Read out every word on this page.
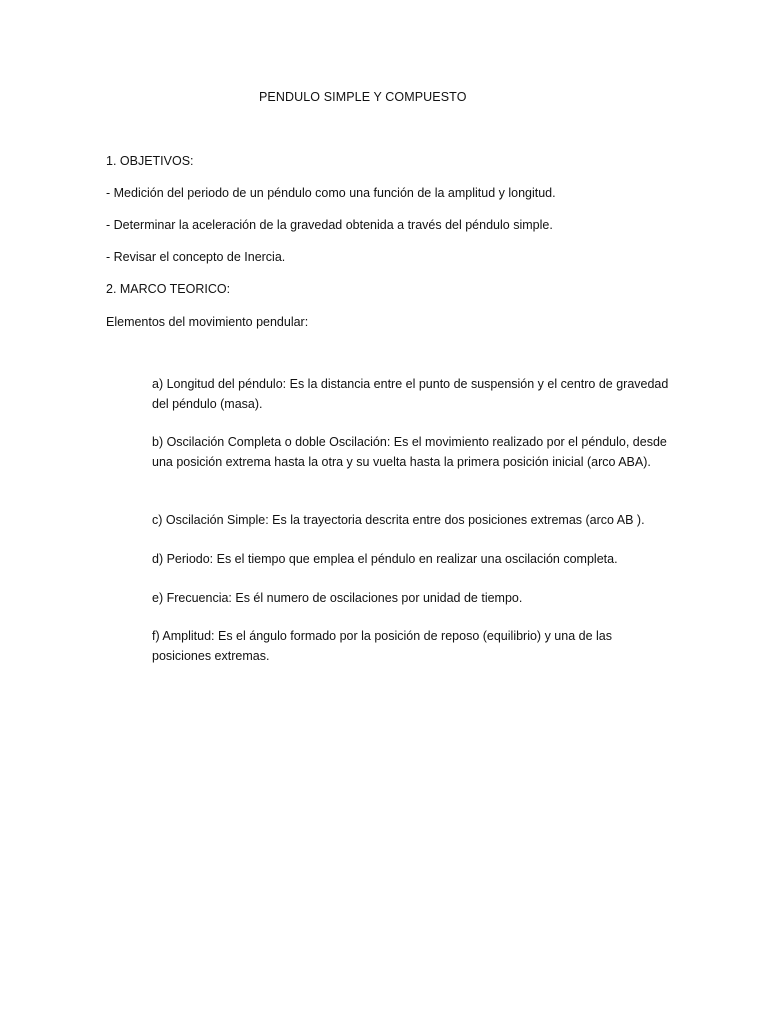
PENDULO SIMPLE Y COMPUESTO
1. OBJETIVOS:
- Medición del periodo de un péndulo como una función de la amplitud y longitud.
- Determinar la aceleración de la gravedad obtenida a través del péndulo simple.
- Revisar el concepto de Inercia.
2. MARCO TEORICO:
Elementos del movimiento pendular:
a) Longitud del péndulo: Es la distancia entre el punto de suspensión y el centro de gravedad del péndulo (masa).
b) Oscilación Completa o doble Oscilación: Es el movimiento realizado por el péndulo, desde una posición extrema hasta la otra y su vuelta hasta la primera posición inicial (arco ABA).
c) Oscilación Simple: Es la trayectoria descrita entre dos posiciones extremas (arco AB ).
d) Periodo: Es el tiempo que emplea el péndulo en realizar una oscilación completa.
e) Frecuencia: Es él numero de oscilaciones por unidad de tiempo.
f) Amplitud: Es el ángulo formado por la posición de reposo (equilibrio) y una de las posiciones extremas.
